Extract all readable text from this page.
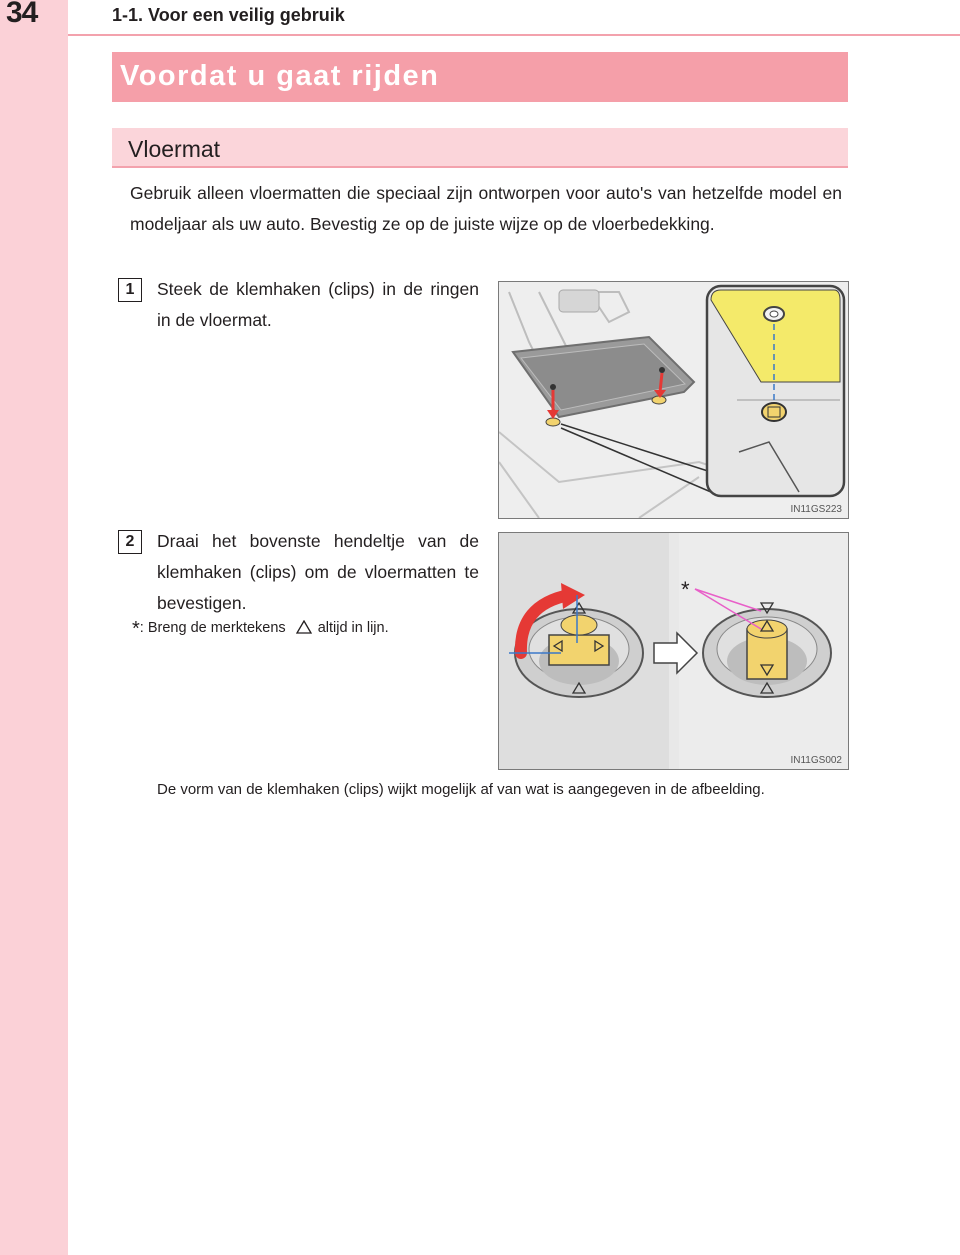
34	1-1. Voor een veilig gebruik
Voordat u gaat rijden
Vloermat

Gebruik alleen vloermatten die speciaal zijn ontworpen voor auto's van hetzelfde model en modeljaar als uw auto. Bevestig ze op de juiste wijze op de vloerbedekking.

1	Steek de klemhaken (clips) in de ringen in de vloermat.

IN11GS223
2	Draai het bovenste hendeltje van de klemhaken (clips) om de vloermatten te bevestigen.

*: Breng de merktekens altijd in lijn.
*
IN11GS002

De vorm van de klemhaken (clips) wijkt mogelijk af van wat is aangegeven in de afbeelding.
